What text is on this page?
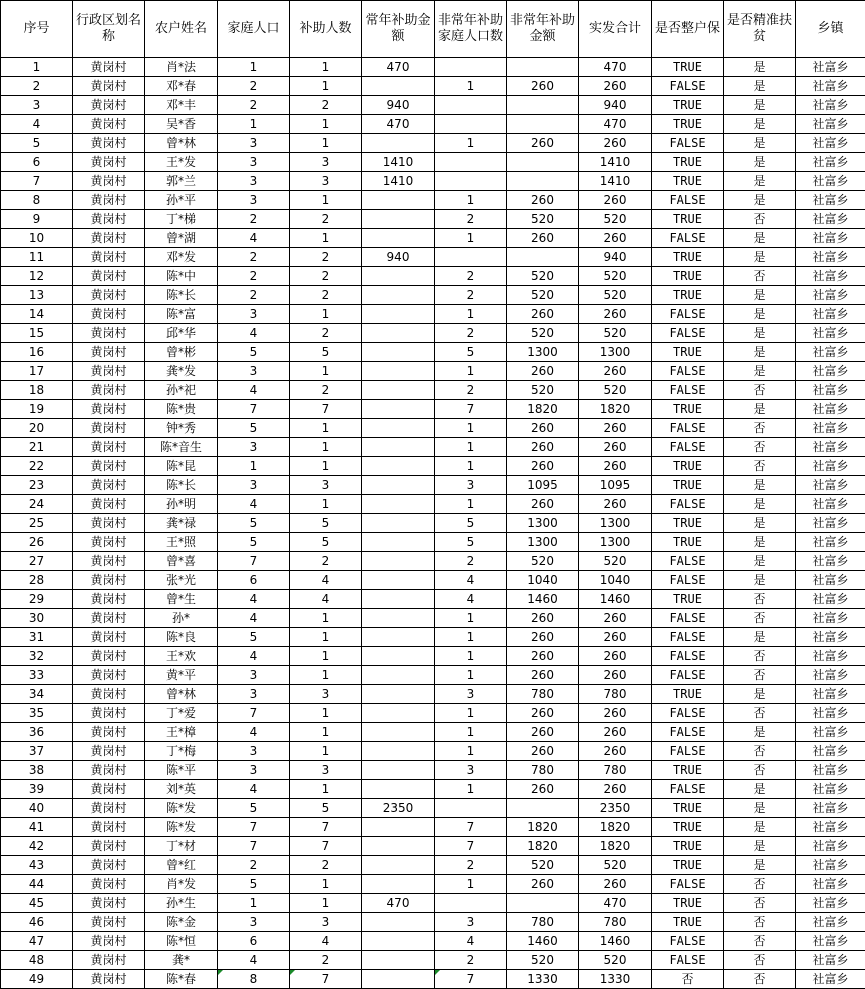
序号	行政区划名称	农户姓名	家庭人口	补助人数	常年补助金额	非常年补助家庭人口数	非常年补助金额	实发合计	是否整户保	是否精准扶贫	乡镇
1	黄岗村	肖*法	1	1	470			470	TRUE	是	社富乡
2	黄岗村	邓*春	2	1		1	260	260	FALSE	是	社富乡
3	黄岗村	邓*丰	2	2	940			940	TRUE	是	社富乡
4	黄岗村	吴*香	1	1	470			470	TRUE	是	社富乡
5	黄岗村	曾*林	3	1		1	260	260	FALSE	是	社富乡
6	黄岗村	王*发	3	3	1410			1410	TRUE	是	社富乡
7	黄岗村	郭*兰	3	3	1410			1410	TRUE	是	社富乡
8	黄岗村	孙*平	3	1		1	260	260	FALSE	是	社富乡
9	黄岗村	丁*梯	2	2		2	520	520	TRUE	否	社富乡
10	黄岗村	曾*湖	4	1		1	260	260	FALSE	是	社富乡
11	黄岗村	邓*发	2	2	940			940	TRUE	是	社富乡
12	黄岗村	陈*中	2	2		2	520	520	TRUE	否	社富乡
13	黄岗村	陈*长	2	2		2	520	520	TRUE	是	社富乡
14	黄岗村	陈*富	3	1		1	260	260	FALSE	是	社富乡
15	黄岗村	邱*华	4	2		2	520	520	FALSE	是	社富乡
16	黄岗村	曾*彬	5	5		5	1300	1300	TRUE	是	社富乡
17	黄岗村	龚*发	3	1		1	260	260	FALSE	是	社富乡
18	黄岗村	孙*祀	4	2		2	520	520	FALSE	否	社富乡
19	黄岗村	陈*贵	7	7		7	1820	1820	TRUE	是	社富乡
20	黄岗村	钟*秀	5	1		1	260	260	FALSE	否	社富乡
21	黄岗村	陈*音生	3	1		1	260	260	FALSE	否	社富乡
22	黄岗村	陈*昆	1	1		1	260	260	TRUE	否	社富乡
23	黄岗村	陈*长	3	3		3	1095	1095	TRUE	是	社富乡
24	黄岗村	孙*明	4	1		1	260	260	FALSE	是	社富乡
25	黄岗村	龚*禄	5	5		5	1300	1300	TRUE	是	社富乡
26	黄岗村	王*照	5	5		5	1300	1300	TRUE	是	社富乡
27	黄岗村	曾*喜	7	2		2	520	520	FALSE	是	社富乡
28	黄岗村	张*光	6	4		4	1040	1040	FALSE	是	社富乡
29	黄岗村	曾*生	4	4		4	1460	1460	TRUE	否	社富乡
30	黄岗村	孙*	4	1		1	260	260	FALSE	否	社富乡
31	黄岗村	陈*良	5	1		1	260	260	FALSE	是	社富乡
32	黄岗村	王*欢	4	1		1	260	260	FALSE	否	社富乡
33	黄岗村	黄*平	3	1		1	260	260	FALSE	否	社富乡
34	黄岗村	曾*林	3	3		3	780	780	TRUE	是	社富乡
35	黄岗村	丁*爱	7	1		1	260	260	FALSE	否	社富乡
36	黄岗村	王*樟	4	1		1	260	260	FALSE	是	社富乡
37	黄岗村	丁*梅	3	1		1	260	260	FALSE	否	社富乡
38	黄岗村	陈*平	3	3		3	780	780	TRUE	否	社富乡
39	黄岗村	刘*英	4	1		1	260	260	FALSE	是	社富乡
40	黄岗村	陈*发	5	5	2350			2350	TRUE	是	社富乡
41	黄岗村	陈*发	7	7		7	1820	1820	TRUE	是	社富乡
42	黄岗村	丁*材	7	7		7	1820	1820	TRUE	是	社富乡
43	黄岗村	曾*红	2	2		2	520	520	TRUE	是	社富乡
44	黄岗村	肖*发	5	1		1	260	260	FALSE	否	社富乡
45	黄岗村	孙*生	1	1	470			470	TRUE	否	社富乡
46	黄岗村	陈*金	3	3		3	780	780	TRUE	否	社富乡
47	黄岗村	陈*恒	6	4		4	1460	1460	FALSE	否	社富乡
48	黄岗村	龚*	4	2		2	520	520	FALSE	否	社富乡
49	黄岗村	陈*春	8	7		7	1330	1330	否	否	社富乡
